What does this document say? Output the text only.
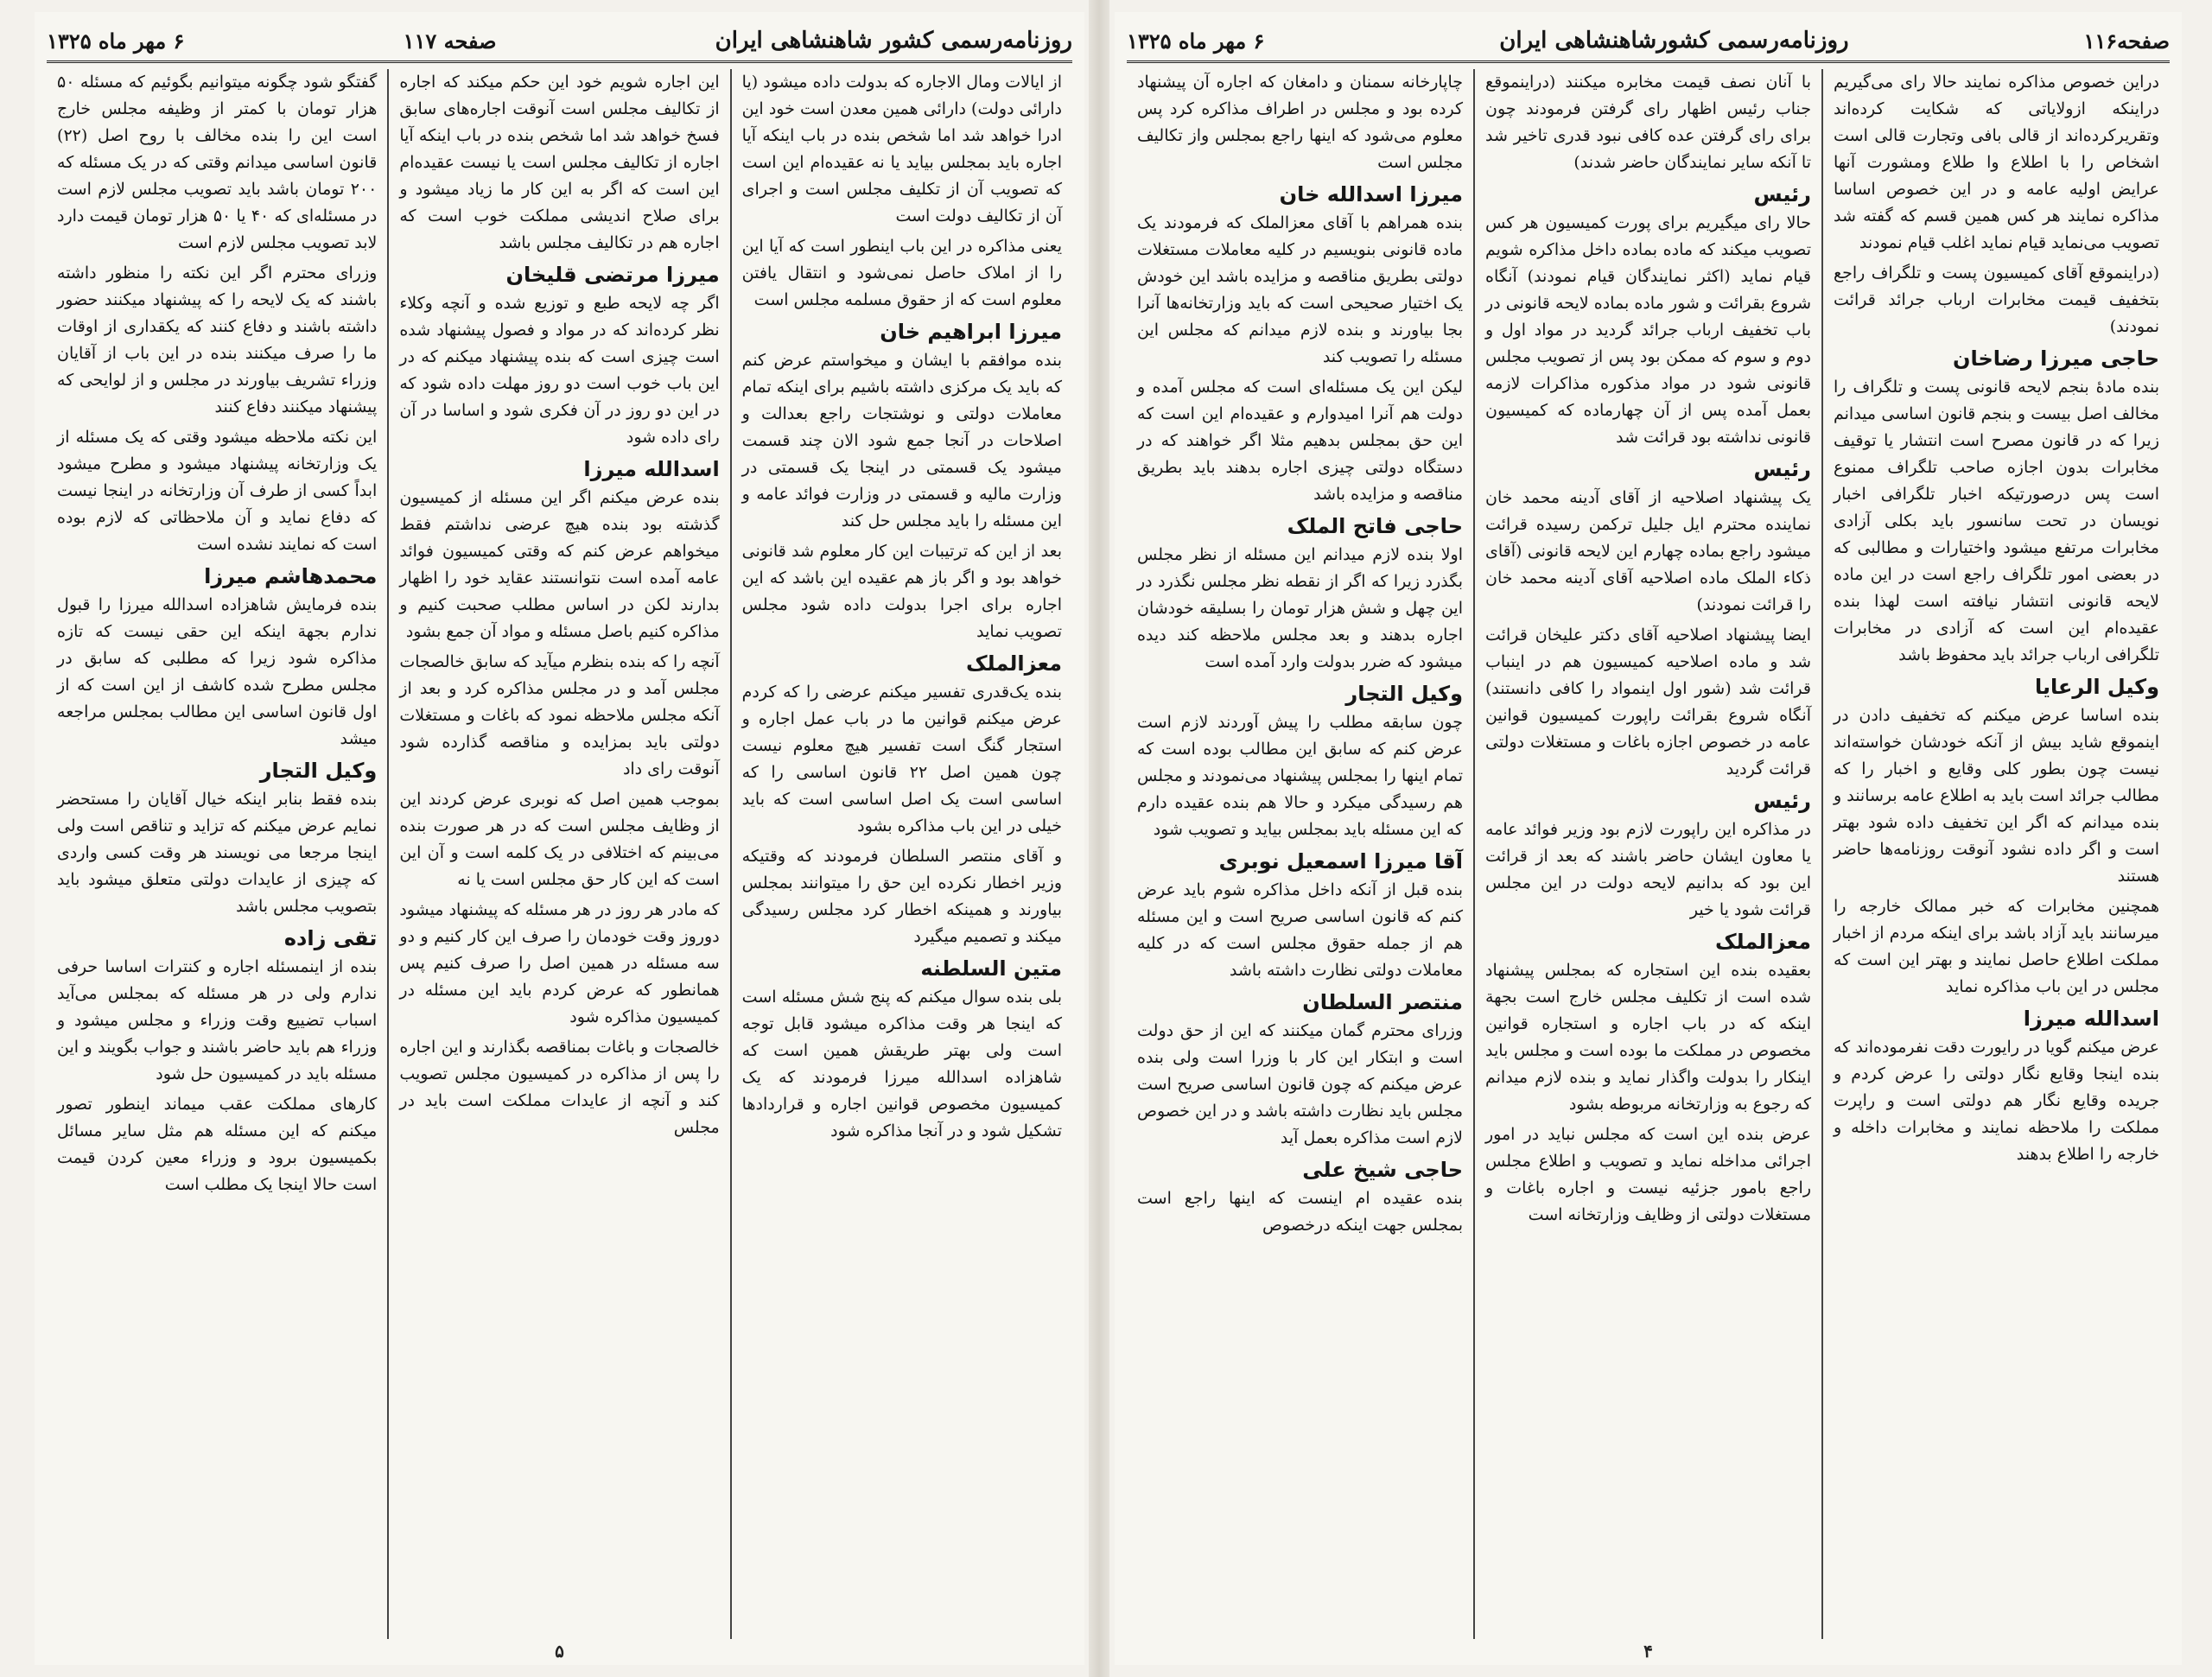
روزنامه‌رسمی کشور شاهنشاهی ایران
صفحه ۱۱۷
۶ مهر ماه ۱۳۲۵

از ایالات ومال الاجاره که بدولت داده میشود (یا دارائی دولت) دارائی همین معدن است خود این ادرا خواهد شد اما شخص بنده در باب اینکه آیا اجاره باید بمجلس بیاید یا نه عقیده‌ام این است که تصویب آن از تکلیف مجلس است و اجرای آن از تکالیف دولت است

یعنی مذاکره در این باب اینطور است که آیا این را از املاک حاصل نمی‌شود و انتقال یافتن معلوم است که از حقوق مسلمه مجلس است

میرزا ابراهیم خان

بنده موافقم با ایشان و میخواستم عرض کنم که باید یک مرکزی داشته باشیم برای اینکه تمام معاملات دولتی و نوشتجات راجع بعدالت و اصلاحات در آنجا جمع شود الان چند قسمت میشود یک قسمتی در اینجا یک قسمتی در وزارت مالیه و قسمتی در وزارت فوائد عامه و این مسئله را باید مجلس حل کند

بعد از این که ترتیبات این کار معلوم شد قانونی خواهد بود و اگر باز هم عقیده این باشد که این اجاره برای اجرا بدولت داده شود مجلس تصویب نماید

معزالملک

بنده یک‌قدری تفسیر میکنم عرضی را که کردم عرض میکنم قوانین ما در باب عمل اجاره و استجار گنگ است تفسیر هیچ معلوم نیست چون همین اصل ۲۲ قانون اساسی را که اساسی است یک اصل اساسی است که باید خیلی در این باب مذاکره بشود

و آقای منتصر السلطان فرمودند که وقتیکه وزیر اخطار نکرده این حق را میتوانند بمجلس بیاورند و همینکه اخطار کرد مجلس رسیدگی میکند و تصمیم میگیرد

متین السلطنه

بلی بنده سوال میکنم که پنج شش مسئله است که اینجا هر وقت مذاکره میشود قابل توجه است ولی بهتر طریقش همین است که شاهزاده اسدالله میرزا فرمودند که یک کمیسیون مخصوص قوانین اجاره و قراردادها تشکیل شود و در آنجا مذاکره شود

این اجاره شویم خود این حکم میکند که اجاره از تکالیف مجلس است آنوقت اجاره‌های سابق فسخ خواهد شد اما شخص بنده در باب اینکه آیا اجاره از تکالیف مجلس است یا نیست عقیده‌ام این است که اگر به این کار ما زیاد میشود و برای صلاح اندیشی مملکت خوب است که اجاره هم در تکالیف مجلس باشد

میرزا مرتضی قلیخان

اگر چه لایحه طبع و توزیع شده و آنچه وکلاء نظر کرده‌اند که در مواد و فصول پیشنهاد شده است چیزی است که بنده پیشنهاد میکنم که در این باب خوب است دو روز مهلت داده شود که در این دو روز در آن فکری شود و اساسا در آن رای داده شود

اسدالله میرزا

بنده عرض میکنم اگر این مسئله از کمیسیون گذشته بود بنده هیچ عرضی نداشتم فقط میخواهم عرض کنم که وقتی کمیسیون فوائد عامه آمده است نتوانستند عقاید خود را اظهار بدارند لکن در اساس مطلب صحبت کنیم و مذاکره کنیم باصل مسئله و مواد آن جمع بشود

آنچه را که بنده بنظرم میآید که سابق خالصجات مجلس آمد و در مجلس مذاکره کرد و بعد از آنکه مجلس ملاحظه نمود که باغات و مستغلات دولتی باید بمزایده و مناقصه گذارده شود آنوقت رای داد

بموجب همین اصل که نوبری عرض کردند این از وظایف مجلس است که در هر صورت بنده می‌بینم که اختلافی در یک کلمه است و آن این است که این کار حق مجلس است یا نه

که مادر هر روز در هر مسئله که پیشنهاد میشود دوروز وقت خودمان را صرف این کار کنیم و دو سه مسئله در همین اصل را صرف کنیم پس همانطور که عرض کردم باید این مسئله در کمیسیون مذاکره شود

خالصجات و باغات بمناقصه بگذارند و این اجاره را پس از مذاکره در کمیسیون مجلس تصویب کند و آنچه از عایدات مملکت است باید در مجلس

گفتگو شود چگونه میتوانیم بگوئیم که مسئله ۵۰ هزار تومان با کمتر از وظیفه مجلس خارج است این را بنده مخالف با روح اصل (۲۲) قانون اساسی میدانم وقتی که در یک مسئله که ۲۰۰ تومان باشد باید تصویب مجلس لازم است در مسئله‌ای که ۴۰ یا ۵۰ هزار تومان قیمت دارد لابد تصویب مجلس لازم است

وزرای محترم اگر این نکته را منظور داشته باشند که یک لایحه را که پیشنهاد میکنند حضور داشته باشند و دفاع کنند که یکقداری از اوقات ما را صرف میکنند بنده در این باب از آقایان وزراء تشریف بیاورند در مجلس و از لوایحی که پیشنهاد میکنند دفاع کنند

این نکته ملاحظه میشود وقتی که یک مسئله از یک وزارتخانه پیشنهاد میشود و مطرح میشود ابداً کسی از طرف آن وزارتخانه در اینجا نیست که دفاع نماید و آن ملاحظاتی که لازم بوده است که نمایند نشده است

محمدهاشم میرزا

بنده فرمایش شاهزاده اسدالله میرزا را قبول ندارم بجهة اینکه این حقی نیست که تازه مذاکره شود زیرا که مطلبی که سابق در مجلس مطرح شده کاشف از این است که از اول قانون اساسی این مطالب بمجلس مراجعه میشد

وکیل التجار

بنده فقط بنابر اینکه خیال آقایان را مستحضر نمایم عرض میکنم که تزاید و تناقص است ولی اینجا مرجعا می نویسند هر وقت کسی واردی که چیزی از عایدات دولتی متعلق میشود باید بتصویب مجلس باشد

تقی زاده

بنده از اینمسئله اجاره و کنترات اساسا حرفی ندارم ولی در هر مسئله که بمجلس می‌آید اسباب تضییع وقت وزراء و مجلس میشود و وزراء هم باید حاضر باشند و جواب بگویند و این مسئله باید در کمیسیون حل شود

کارهای مملکت عقب میماند اینطور تصور میکنم که این مسئله هم مثل سایر مسائل بکمیسیون برود و وزراء معین کردن قیمت است حالا اینجا یک مطلب است

۵
صفحه۱۱۶
روزنامه‌رسمی کشورشاهنشاهی ایران
۶ مهر ماه ۱۳۲۵

دراین خصوص مذاکره نمایند حالا رای می‌گیریم دراینکه ازولایاتی که شکایت کرده‌اند وتقریرکرده‌اند از قالی بافی وتجارت قالی است اشخاص را با اطلاع وا طلاع ومشورت آنها عرایض اولیه عامه و در این خصوص اساسا مذاکره نمایند هر کس همین قسم که گفته شد تصویب می‌نماید قیام نماید اغلب قیام نمودند

(دراینموقع آقای کمیسیون پست و تلگراف راجع بتخفیف قیمت مخابرات ارباب جرائد قرائت نمودند)

حاجی میرزا رضاخان

بنده مادهٔ بنجم لایحه قانونی پست و تلگراف را مخالف اصل بیست و بنجم قانون اساسی میدانم زیرا که در قانون مصرح است انتشار یا توقیف مخابرات بدون اجازه صاحب تلگراف ممنوع است پس درصورتیکه اخبار تلگرافی اخبار نویسان در تحت سانسور باید بکلی آزادی مخابرات مرتفع میشود واختیارات و مطالبی که در بعضی امور تلگراف راجع است در این ماده لایحه قانونی انتشار نیافته است لهذا بنده عقیده‌ام این است که آزادی در مخابرات تلگرافی ارباب جرائد باید محفوظ باشد

وکیل الرعایا

بنده اساسا عرض میکنم که تخفیف دادن در اینموقع شاید بیش از آنکه خودشان خواسته‌اند نیست چون بطور کلی وقایع و اخبار را که مطالب جرائد است باید به اطلاع عامه برسانند و بنده میدانم که اگر این تخفیف داده شود بهتر است و اگر داده نشود آنوقت روزنامه‌ها حاضر هستند

همچنین مخابرات که خبر ممالک خارجه را میرسانند باید آزاد باشد برای اینکه مردم از اخبار مملکت اطلاع حاصل نمایند و بهتر این است که مجلس در این باب مذاکره نماید

اسدالله میرزا

عرض میکنم گویا در رایورت دقت نفرموده‌اند که بنده اینجا وقایع نگار دولتی را عرض کردم و جریده وقایع نگار هم دولتی است و راپرت مملکت را ملاحظه نمایند و مخابرات داخله و خارجه را اطلاع بدهند

با آنان نصف قیمت مخابره میکنند (دراینموقع جناب رئیس اظهار رای گرفتن فرمودند چون برای رای گرفتن عده کافی نبود قدری تاخیر شد تا آنکه سایر نمایندگان حاضر شدند)

رئیس

حالا رای میگیریم برای پورت کمیسیون هر کس تصویب میکند که ماده بماده داخل مذاکره شویم قیام نماید (اکثر نمایندگان قیام نمودند) آنگاه شروع بقرائت و شور ماده بماده لایحه قانونی در باب تخفیف ارباب جرائد گردید در مواد اول و دوم و سوم که ممکن بود پس از تصویب مجلس قانونی شود در مواد مذکوره مذاکرات لازمه بعمل آمده پس از آن چهارماده که کمیسیون قانونی نداشته بود قرائت شد

رئیس

یک پیشنهاد اصلاحیه از آقای آدینه محمد خان نماینده محترم ایل جلیل ترکمن رسیده قرائت میشود راجع بماده چهارم این لایحه قانونی (آقای ذکاء الملک ماده اصلاحیه آقای آدینه محمد خان را قرائت نمودند)

ایضا پیشنهاد اصلاحیه آقای دکتر علیخان قرائت شد و ماده اصلاحیه کمیسیون هم در اینباب قرائت شد (شور اول اینمواد را کافی دانستند) آنگاه شروع بقرائت راپورت کمیسیون قوانین عامه در خصوص اجازه باغات و مستغلات دولتی قرائت گردید

رئیس

در مذاکره این راپورت لازم بود وزیر فوائد عامه یا معاون ایشان حاضر باشند که بعد از قرائت این بود که بدانیم لایحه دولت در این مجلس قرائت شود یا خیر

معزالملک

بعقیده بنده این استجاره که بمجلس پیشنهاد شده است از تکلیف مجلس خارج است بجهة اینکه که در باب اجاره و استجاره قوانین مخصوص در مملکت ما بوده است و مجلس باید اینکار را بدولت واگذار نماید و بنده لازم میدانم که رجوع به وزارتخانه مربوطه بشود

عرض بنده این است که مجلس نباید در امور اجرائی مداخله نماید و تصویب و اطلاع مجلس راجع بامور جزئیه نیست و اجاره باغات و مستغلات دولتی از وظایف وزارتخانه است

چاپارخانه سمنان و دامغان که اجاره آن پیشنهاد کرده بود و مجلس در اطراف مذاکره کرد پس معلوم می‌شود که اینها راجع بمجلس واز تکالیف مجلس است

میرزا اسدالله خان

بنده همراهم با آقای معزالملک که فرمودند یک ماده قانونی بنویسیم در کلیه معاملات مستغلات دولتی بطریق مناقصه و مزایده باشد این خودش یک اختیار صحیحی است که باید وزارتخانه‌ها آنرا بجا بیاورند و بنده لازم میدانم که مجلس این مسئله را تصویب کند

لیکن این یک مسئله‌ای است که مجلس آمده و دولت هم آنرا امیدوارم و عقیده‌ام این است که این حق بمجلس بدهیم مثلا اگر خواهند که در دستگاه دولتی چیزی اجاره بدهند باید بطریق مناقصه و مزایده باشد

حاجی فاتح الملک

اولا بنده لازم میدانم این مسئله از نظر مجلس بگذرد زیرا که اگر از نقطه نظر مجلس نگذرد در این چهل و شش هزار تومان را بسلیقه خودشان اجاره بدهند و بعد مجلس ملاحظه کند دیده میشود که ضرر بدولت وارد آمده است

وکیل التجار

چون سابقه مطلب را پیش آوردند لازم است عرض کنم که سابق این مطالب بوده است که تمام اینها را بمجلس پیشنهاد می‌نمودند و مجلس هم رسیدگی میکرد و حالا هم بنده عقیده دارم که این مسئله باید بمجلس بیاید و تصویب شود

آقا میرزا اسمعیل نوبری

بنده قبل از آنکه داخل مذاکره شوم باید عرض کنم که قانون اساسی صریح است و این مسئله هم از جمله حقوق مجلس است که در کلیه معاملات دولتی نظارت داشته باشد

منتصر السلطان

وزرای محترم گمان میکنند که این از حق دولت است و ابتکار این کار با وزرا است ولی بنده عرض میکنم که چون قانون اساسی صریح است مجلس باید نظارت داشته باشد و در این خصوص لازم است مذاکره بعمل آید

حاجی شیخ علی

بنده عقیده ام اینست که اینها راجع است بمجلس جهت اینکه درخصوص

۴
